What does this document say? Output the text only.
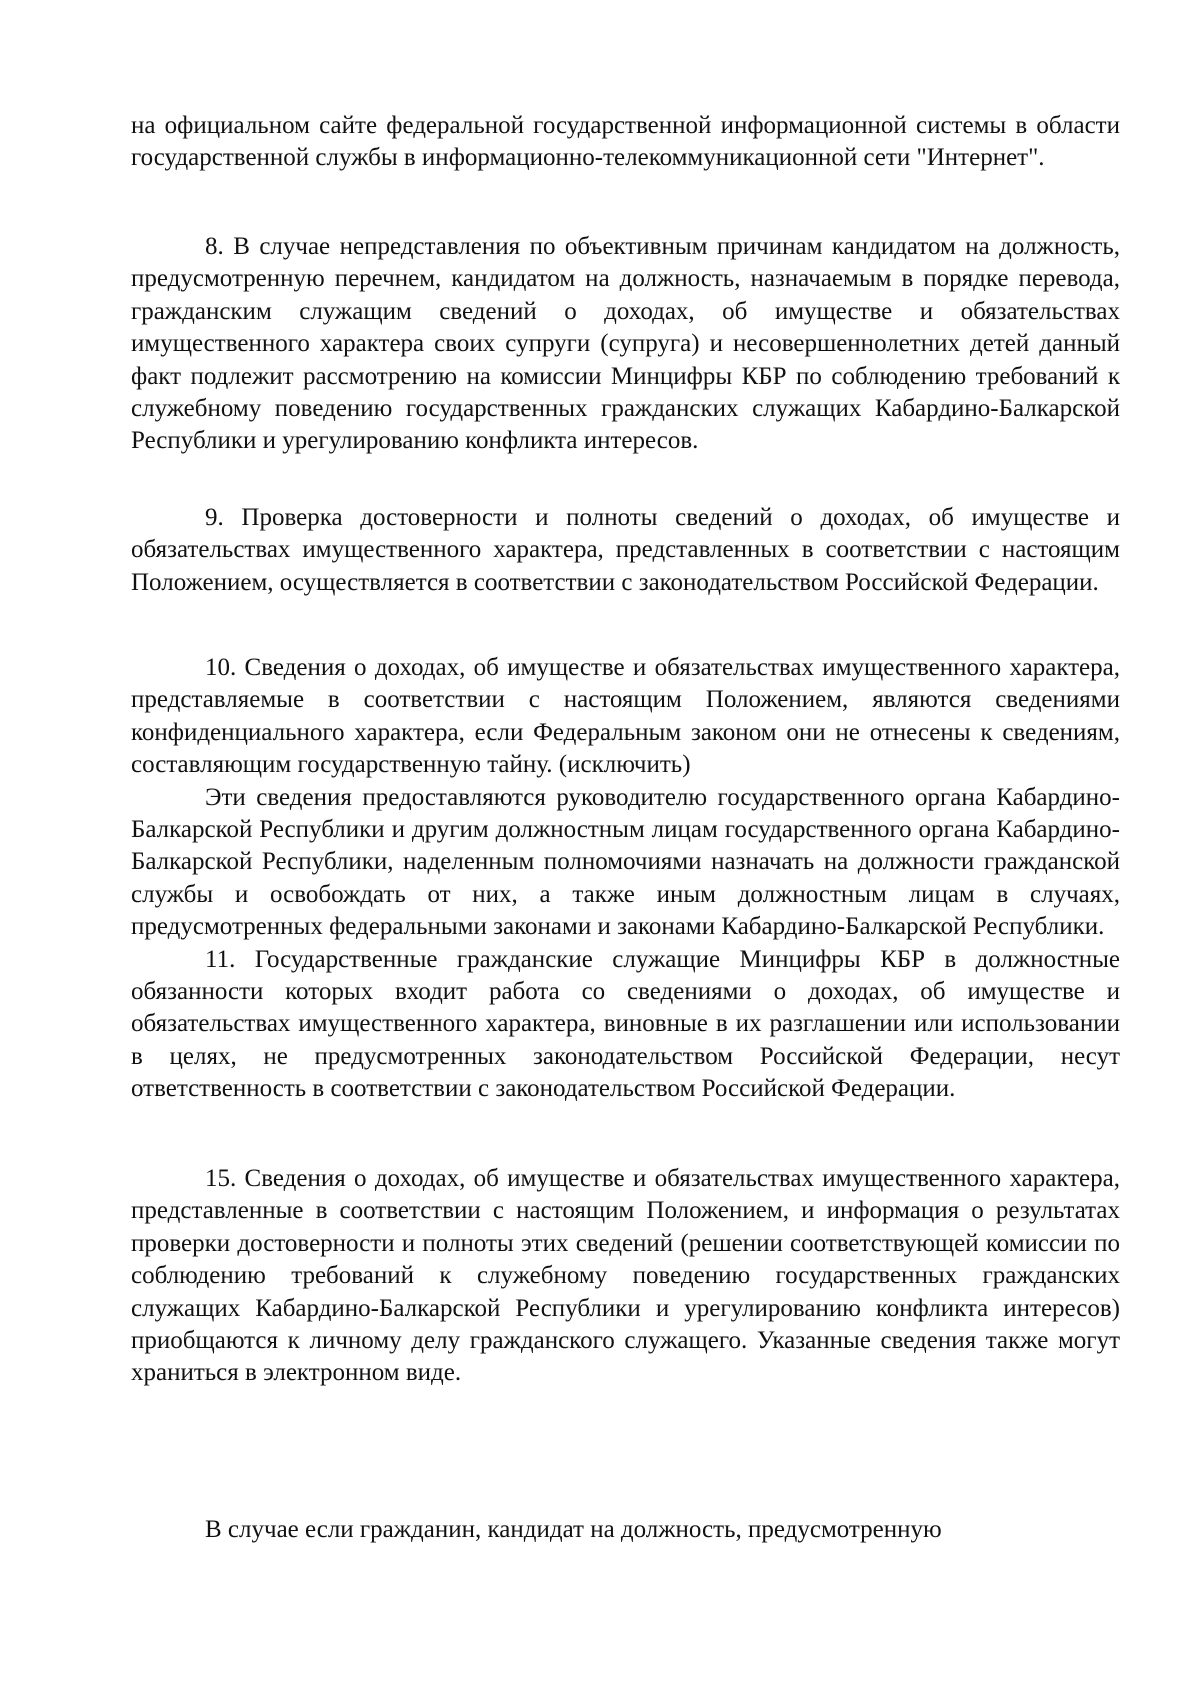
на официальном сайте федеральной государственной информационной системы в области государственной службы в информационно-телекоммуникационной сети "Интернет".

8. В случае непредставления по объективным причинам кандидатом на должность, предусмотренную перечнем, кандидатом на должность, назначаемым в порядке перевода, гражданским служащим сведений о доходах, об имуществе и обязательствах имущественного характера своих супруги (супруга) и несовершеннолетних детей данный факт подлежит рассмотрению на комиссии Минцифры КБР по соблюдению требований к служебному поведению государственных гражданских служащих Кабардино-Балкарской Республики и урегулированию конфликта интересов.

9. Проверка достоверности и полноты сведений о доходах, об имуществе и обязательствах имущественного характера, представленных в соответствии с настоящим Положением, осуществляется в соответствии с законодательством Российской Федерации.

10. Сведения о доходах, об имуществе и обязательствах имущественного характера, представляемые в соответствии с настоящим Положением, являются сведениями конфиденциального характера, если Федеральным законом они не отнесены к сведениям, составляющим государственную тайну. (исключить)

Эти сведения предоставляются руководителю государственного органа Кабардино-Балкарской Республики и другим должностным лицам государственного органа Кабардино-Балкарской Республики, наделенным полномочиями назначать на должности гражданской службы и освобождать от них, а также иным должностным лицам в случаях, предусмотренных федеральными законами и законами Кабардино-Балкарской Республики.

11. Государственные гражданские служащие Минцифры КБР в должностные обязанности которых входит работа со сведениями о доходах, об имуществе и обязательствах имущественного характера, виновные в их разглашении или использовании в целях, не предусмотренных законодательством Российской Федерации, несут ответственность в соответствии с законодательством Российской Федерации.

15. Сведения о доходах, об имуществе и обязательствах имущественного характера, представленные в соответствии с настоящим Положением, и информация о результатах проверки достоверности и полноты этих сведений (решении соответствующей комиссии по соблюдению требований к служебному поведению государственных гражданских служащих Кабардино-Балкарской Республики и урегулированию конфликта интересов) приобщаются к личному делу гражданского служащего. Указанные сведения также могут храниться в электронном виде.

В случае если гражданин, кандидат на должность, предусмотренную
